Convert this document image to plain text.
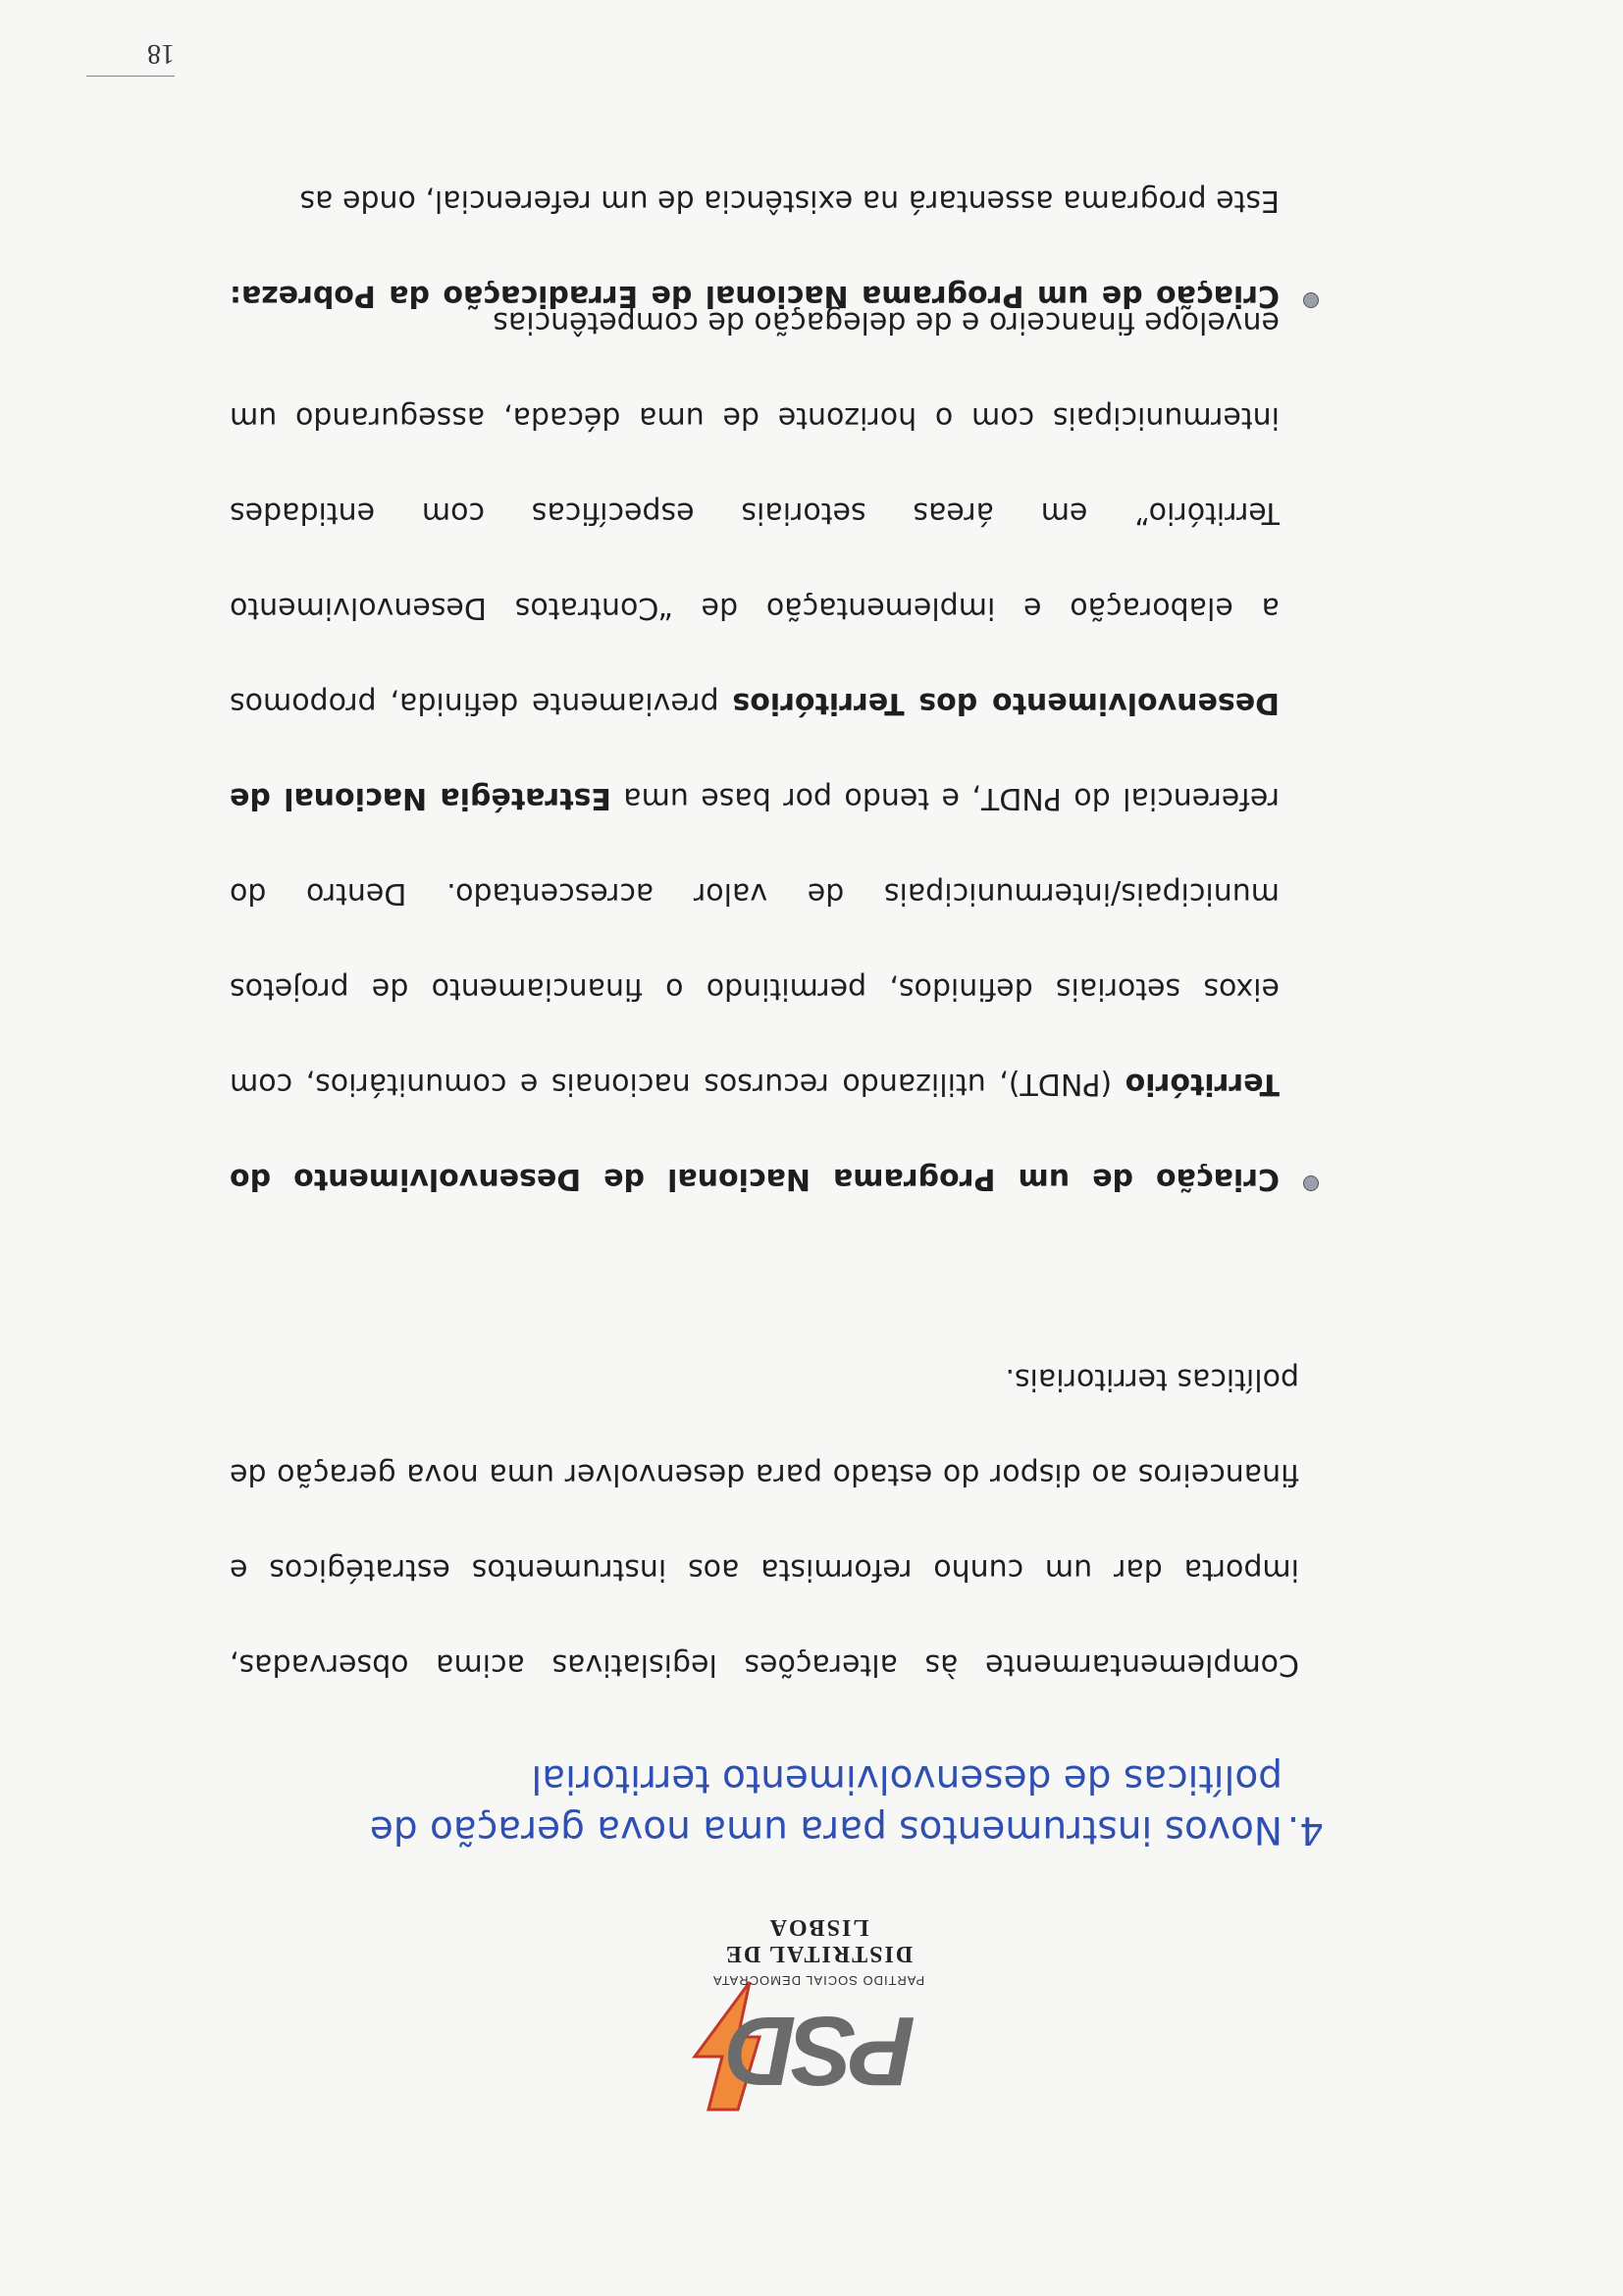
PSD
PARTIDO SOCIAL DEMOCRATA
DISTRITAL DE LISBOA
4.
Novos instrumentos para uma nova geração de políticas de desenvolvimento territorial
Complementarmente às alterações legislativas acima observadas, importa dar um cunho reformista aos instrumentos estratégicos e financeiros ao dispor do estado para desenvolver uma nova geração de políticas territoriais.
Criação de um Programa Nacional de Desenvolvimento do Território (PNDT), utilizando recursos nacionais e comunitários, com eixos setoriais definidos, permitindo o financiamento de projetos municipais/intermunicipais de valor acrescentado. Dentro do referencial do PNDT, e tendo por base uma Estratégia Nacional de Desenvolvimento dos Territórios previamente definida, propomos a elaboração e implementação de “Contratos Desenvolvimento Território” em áreas setoriais específicas com entidades intermunicipais com o horizonte de uma década, assegurando um envelope financeiro e de delegação de competências
Criação de um Programa Nacional de Erradicação da Pobreza: Este programa assentará na existência de um referencial, onde as
18
